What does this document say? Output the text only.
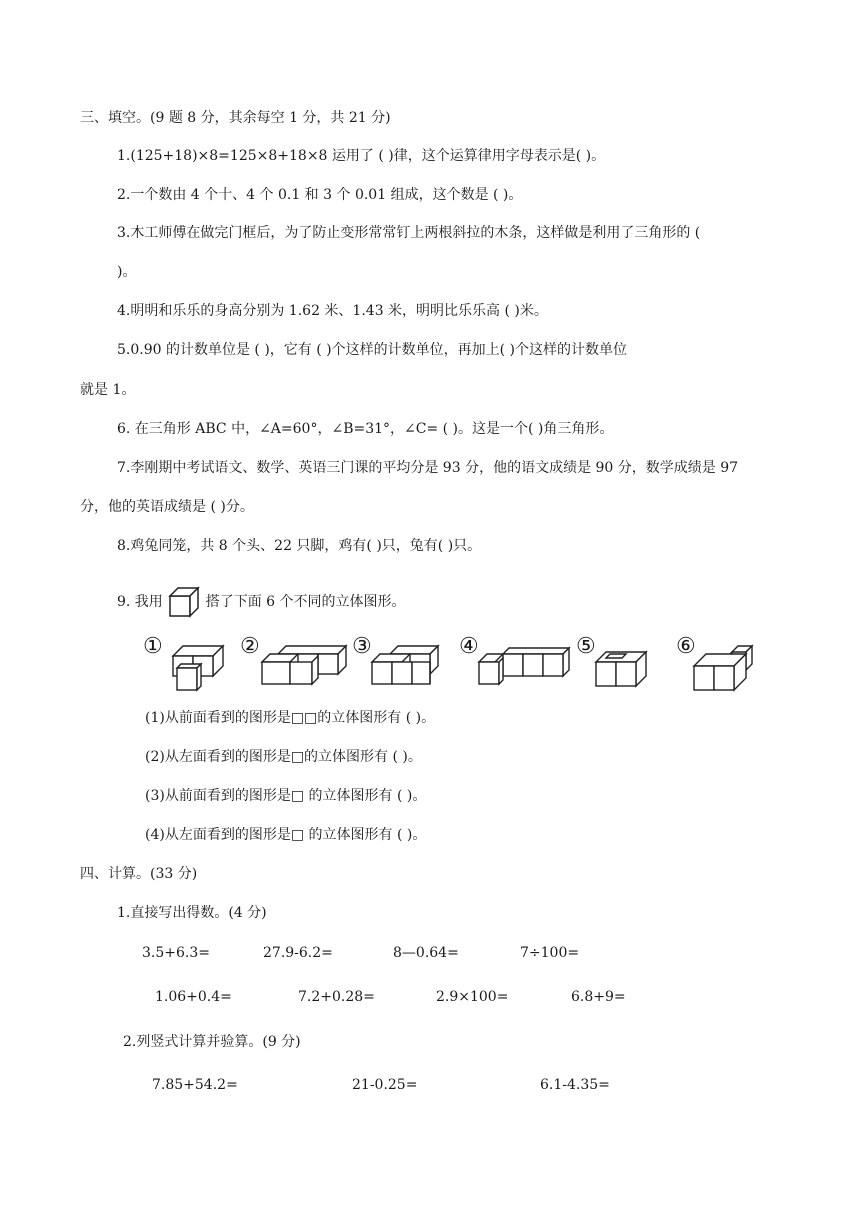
三、填空。(9 题 8 分，其余每空 1 分，共 21 分)
1.(125+18)×8=125×8+18×8 运用了 ( )律，这个运算律用字母表示是( )。
2.一个数由 4 个十、4 个 0.1 和 3 个 0.01 组成，这个数是 ( )。
3.木工师傅在做完门框后，为了防止变形常常钉上两根斜拉的木条，这样做是利用了三角形的 (
)。
4.明明和乐乐的身高分别为 1.62 米、1.43 米，明明比乐乐高 ( )米。
5.0.90 的计数单位是 ( )，它有 ( )个这样的计数单位，再加上( )个这样的计数单位
就是 1。
6. 在三角形 ABC 中，∠A=60°，∠B=31°，∠C= ( )。这是一个( )角三角形。
7.李刚期中考试语文、数学、英语三门课的平均分是 93 分，他的语文成绩是 90 分，数学成绩是 97
分，他的英语成绩是 ( )分。
8.鸡兔同笼，共 8 个头、22 只脚，鸡有( )只，兔有( )只。
9. 我用	搭了下面 6 个不同的立体图形。
①	②	③	④	⑤	⑥
(1)从前面看到的图形是□□的立体图形有 ( )。
(2)从左面看到的图形是□的立体图形有 ( )。
(3)从前面看到的图形是□ 的立体图形有 ( )。
(4)从左面看到的图形是□ 的立体图形有 ( )。
四、计算。(33 分)
1.直接写出得数。(4 分)
3.5+6.3=	27.9-6.2=	8—0.64=	7÷100=
1.06+0.4=	7.2+0.28=	2.9×100=	6.8+9=
2.列竖式计算并验算。(9 分)
7.85+54.2=	21-0.25=	6.1-4.35=
